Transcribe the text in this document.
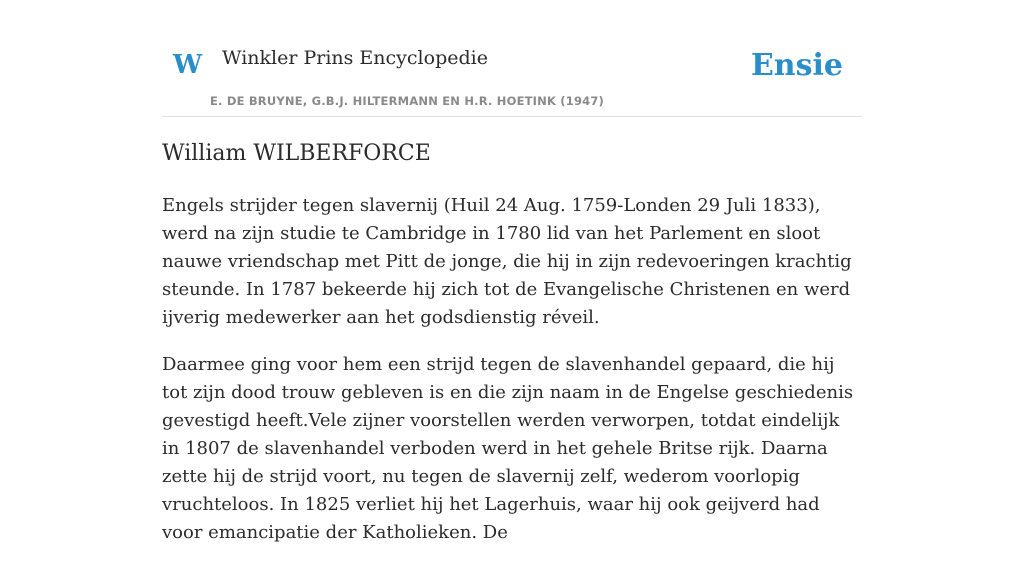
W Winkler Prins Encyclopedie
E. DE BRUYNE, G.B.J. HILTERMANN EN H.R. HOETINK (1947)
Ensie
William WILBERFORCE

Engels strijder tegen slavernij (Huil 24 Aug. 1759-Londen 29 Juli 1833), werd na zijn studie te Cambridge in 1780 lid van het Parlement en sloot nauwe vriendschap met Pitt de jonge, die hij in zijn redevoeringen krachtig steunde. In 1787 bekeerde hij zich tot de Evangelische Christenen en werd ijverig medewerker aan het godsdienstig réveil.

Daarmee ging voor hem een strijd tegen de slavenhandel gepaard, die hij tot zijn dood trouw gebleven is en die zijn naam in de Engelse geschiedenis gevestigd heeft.Vele zijner voorstellen werden verworpen, totdat eindelijk in 1807 de slavenhandel verboden werd in het gehele Britse rijk. Daarna zette hij de strijd voort, nu tegen de slavernij zelf, wederom voorlopig vruchteloos. In 1825 verliet hij het Lagerhuis, waar hij ook geijverd had voor emancipatie der Katholieken. De
